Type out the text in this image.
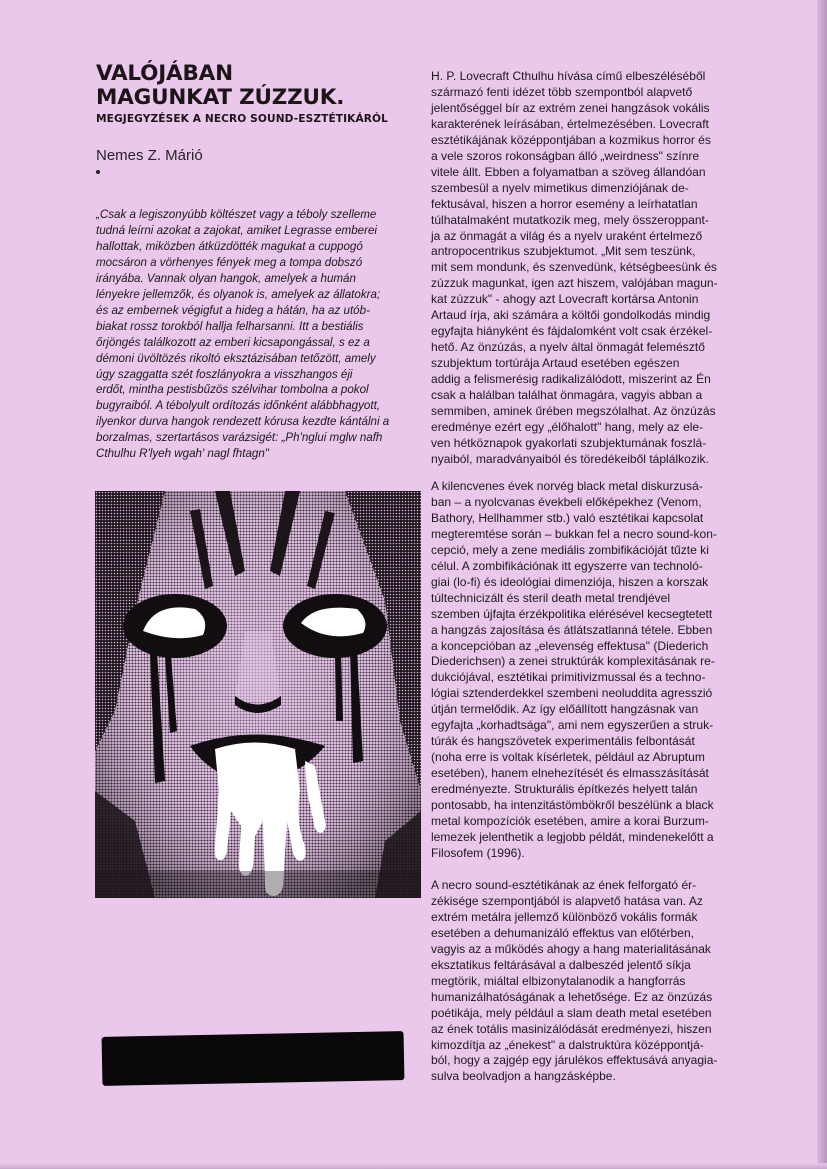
VALÓJÁBAN
MAGUNKAT ZÚZZUK.
MEGJEGYZÉSEK A NECRO SOUND-ESZTÉTIKÁRÓL
Nemes Z. Márió

„Csak a legiszonyúbb költészet vagy a téboly szelleme
tudná leírni azokat a zajokat, amiket Legrasse emberei
hallottak, miközben átküzdötték magukat a cuppogó
mocsáron a vörhenyes fények meg a tompa dobszó
irányába. Vannak olyan hangok, amelyek a humán
lényekre jellemzők, és olyanok is, amelyek az állatokra;
és az embernek végigfut a hideg a hátán, ha az utób-
biakat rossz torokból hallja felharsanni. Itt a bestiális
őrjöngés találkozott az emberi kicsapongással, s ez a
démoni üvöltözés rikoltó eksztázisában tetőzött, amely
úgy szaggatta szét foszlányokra a visszhangos éji
erdőt, mintha pestisbűzös szélvihar tombolna a pokol
bugyraiból. A tébolyult ordítozás időnként alábbhagyott,
ilyenkor durva hangok rendezett kórusa kezdte kántálni a
borzalmas, szertartásos varázsigét: „Ph'nglui mglw nafh
Cthulhu R'lyeh wgah' nagl fhtagn"

H. P. Lovecraft Cthulhu hívása című elbeszéléséből
származó fenti idézet több szempontból alapvető
jelentőséggel bír az extrém zenei hangzások vokális
karakterének leírásában, értelmezésében. Lovecraft
esztétikájának középpontjában a kozmikus horror és
a vele szoros rokonságban álló „weirdness" színre
vitele állt. Ebben a folyamatban a szöveg állandóan
szembesül a nyelv mimetikus dimenziójának de-
fektusával, hiszen a horror esemény a leírhatatlan
túlhatalmaként mutatkozik meg, mely összeroppant-
ja az önmagát a világ és a nyelv uraként értelmező
antropocentrikus szubjektumot. „Mit sem teszünk,
mit sem mondunk, és szenvedünk, kétségbeesünk és
zúzzuk magunkat, igen azt hiszem, valójában magun-
kat zúzzuk" - ahogy azt Lovecraft kortársa Antonin
Artaud írja, aki számára a költői gondolkodás mindig
egyfajta hiányként és fájdalomként volt csak érzékel-
hető. Az önzúzás, a nyelv által önmagát felemésztő
szubjektum tortúrája Artaud esetében egészen
addig a felismerésig radikalizálódott, miszerint az Én
csak a halálban találhat önmagára, vagyis abban a
semmiben, aminek űrében megszólalhat. Az önzúzás
eredménye ezért egy „élőhalott" hang, mely az ele-
ven hétköznapok gyakorlati szubjektumának foszlá-
nyaiból, maradványaiból és töredékeiből táplálkozik.

A kilencvenes évek norvég black metal diskurzusá-
ban – a nyolcvanas évekbeli előképekhez (Venom,
Bathory, Hellhammer stb.) való esztétikai kapcsolat
megteremtése során – bukkan fel a necro sound-kon-
cepció, mely a zene mediális zombifikációját tűzte ki
célul. A zombifikációnak itt egyszerre van technoló-
giai (lo-fi) és ideológiai dimenziója, hiszen a korszak
túltechnicizált és steril death metal trendjével
szemben újfajta érzékpolitika elérésével kecsegtetett
a hangzás zajosítása és átlátszatlanná tétele. Ebben
a koncepcióban az „elevenség effektusa" (Diederich
Diederichsen) a zenei struktúrák komplexitásának re-
dukciójával, esztétikai primitivizmussal és a techno-
lógiai sztenderdekkel szembeni neoluddita agresszió
útján termelődik. Az így előállított hangzásnak van
egyfajta „korhadtsága", ami nem egyszerűen a struk-
túrák és hangszövetek experimentális felbontását
(noha erre is voltak kísérletek, például az Abruptum
esetében), hanem elnehezítését és elmasszásítását
eredményezte. Strukturális építkezés helyett talán
pontosabb, ha intenzitástömbökről beszélünk a black
metal kompozíciók esetében, amire a korai Burzum-
lemezek jelenthetik a legjobb példát, mindenekelőtt a
Filosofem (1996).

A necro sound-esztétikának az ének felforgató ér-
zékisége szempontjából is alapvető hatása van. Az
extrém metálra jellemző különböző vokális formák
esetében a dehumanizáló effektus van előtérben,
vagyis az a működés ahogy a hang materialitásának
eksztatikus feltárásával a dalbeszéd jelentő síkja
megtörik, miáltal elbizonytalanodik a hangforrás
humanizálhatóságának a lehetősége. Ez az önzúzás
poétikája, mely például a slam death metal esetében
az ének totális masinizálódását eredményezi, hiszen
kimozdítja az „énekest" a dalstruktúra középpontjá-
ból, hogy a zajgép egy járulékos effektusává anyagia-
sulva beolvadjon a hangzásképbe.
